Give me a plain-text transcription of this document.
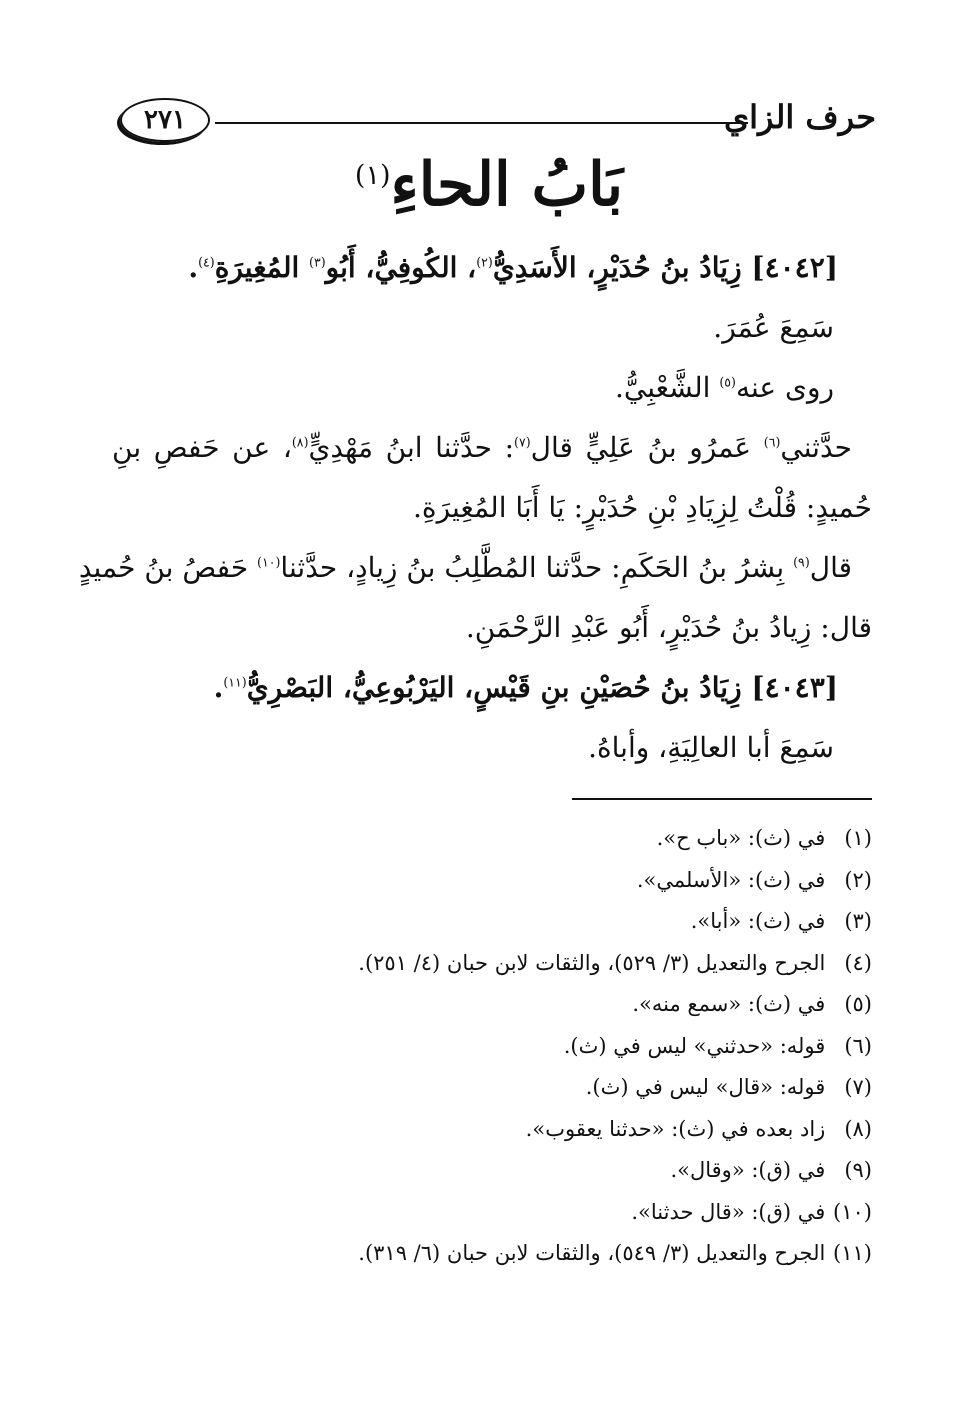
حرف الزاي
٢٧١
بَابُ الحاءِ$^{(١)}$
[٤٠٤٢] زِيَادُ بنُ حُدَيْرٍ، الأَسَدِيُّ$^{(٢)}$، الكُوفِيُّ، أَبُو$^{(٣)}$ المُغِيرَةِ$^{(٤)}$.
سَمِعَ عُمَرَ.
روى عنه$^{(٥)}$ الشَّعْبِيُّ.
حدَّثني$^{(٦)}$ عَمرُو بنُ عَلِيٍّ قال$^{(٧)}$: حدَّثنا ابنُ مَهْدِيٍّ$^{(٨)}$، عن حَفصِ بنِ
حُميدٍ: قُلْتُ لِزِيَادِ بْنِ حُدَيْرٍ: يَا أَبَا المُغِيرَةِ.
قال$^{(٩)}$ بِشرُ بنُ الحَكَمِ: حدَّثنا المُطَّلِبُ بنُ زِيادٍ، حدَّثنا$^{(١٠)}$ حَفصُ بنُ حُميدٍ
قال: زِيادُ بنُ حُدَيْرٍ، أَبُو عَبْدِ الرَّحْمَنِ.
[٤٠٤٣] زِيَادُ بنُ حُصَيْنِ بنِ قَيْسٍ، اليَرْبُوعِيُّ، البَصْرِيُّ$^{(١١)}$.
سَمِعَ أبا العالِيَةِ، وأباهُ.
(١) في (ث): «باب ح».
(٢) في (ث): «الأسلمي».
(٣) في (ث): «أبا».
(٤) الجرح والتعديل (٣/ ٥٢٩)، والثقات لابن حبان (٤/ ٢٥١).
(٥) في (ث): «سمع منه».
(٦) قوله: «حدثني» ليس في (ث).
(٧) قوله: «قال» ليس في (ث).
(٨) زاد بعده في (ث): «حدثنا يعقوب».
(٩) في (ق): «وقال».
(١٠) في (ق): «قال حدثنا».
(١١) الجرح والتعديل (٣/ ٥٤٩)، والثقات لابن حبان (٦/ ٣١٩).
